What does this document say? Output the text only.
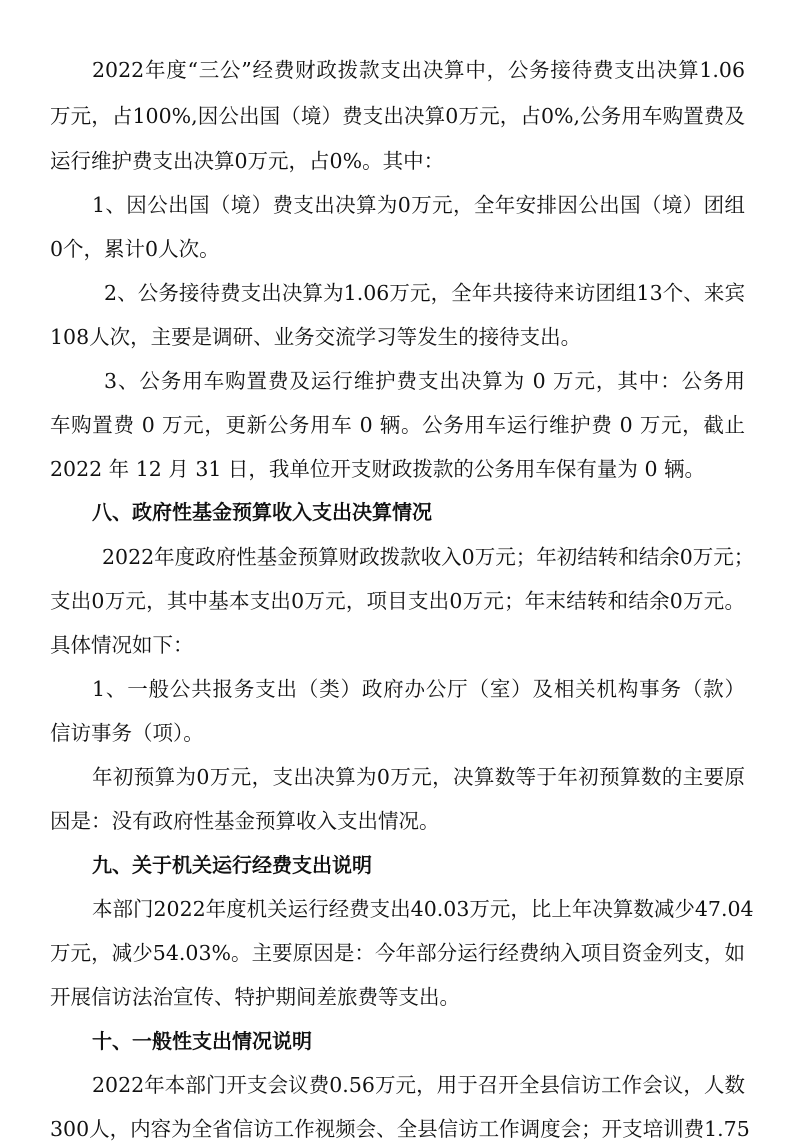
2022年度“三公”经费财政拨款支出决算中，公务接待费支出决算1.06
万元，占100%,因公出国（境）费支出决算0万元，占0%,公务用车购置费及
运行维护费支出决算0万元，占0%。其中：
1、因公出国（境）费支出决算为0万元，全年安排因公出国（境）团组
0个，累计0人次。
2、公务接待费支出决算为1.06万元，全年共接待来访团组13个、来宾
108人次，主要是调研、业务交流学习等发生的接待支出。
3、公务用车购置费及运行维护费支出决算为 0 万元，其中：公务用
车购置费 0 万元，更新公务用车 0 辆。公务用车运行维护费 0 万元，截止
2022 年 12 月 31 日，我单位开支财政拨款的公务用车保有量为 0 辆。
八、政府性基金预算收入支出决算情况
2022年度政府性基金预算财政拨款收入0万元；年初结转和结余0万元；
支出0万元，其中基本支出0万元，项目支出0万元；年末结转和结余0万元。
具体情况如下：
1、一般公共报务支出（类）政府办公厅（室）及相关机构事务（款）
信访事务（项）。
年初预算为0万元，支出决算为0万元，决算数等于年初预算数的主要原
因是：没有政府性基金预算收入支出情况。
九、关于机关运行经费支出说明
本部门2022年度机关运行经费支出40.03万元，比上年决算数减少47.04
万元，减少54.03%。主要原因是：今年部分运行经费纳入项目资金列支，如
开展信访法治宣传、特护期间差旅费等支出。
十、一般性支出情况说明
2022年本部门开支会议费0.56万元，用于召开全县信访工作会议，人数
300人，内容为全省信访工作视频会、全县信访工作调度会；开支培训费1.75
